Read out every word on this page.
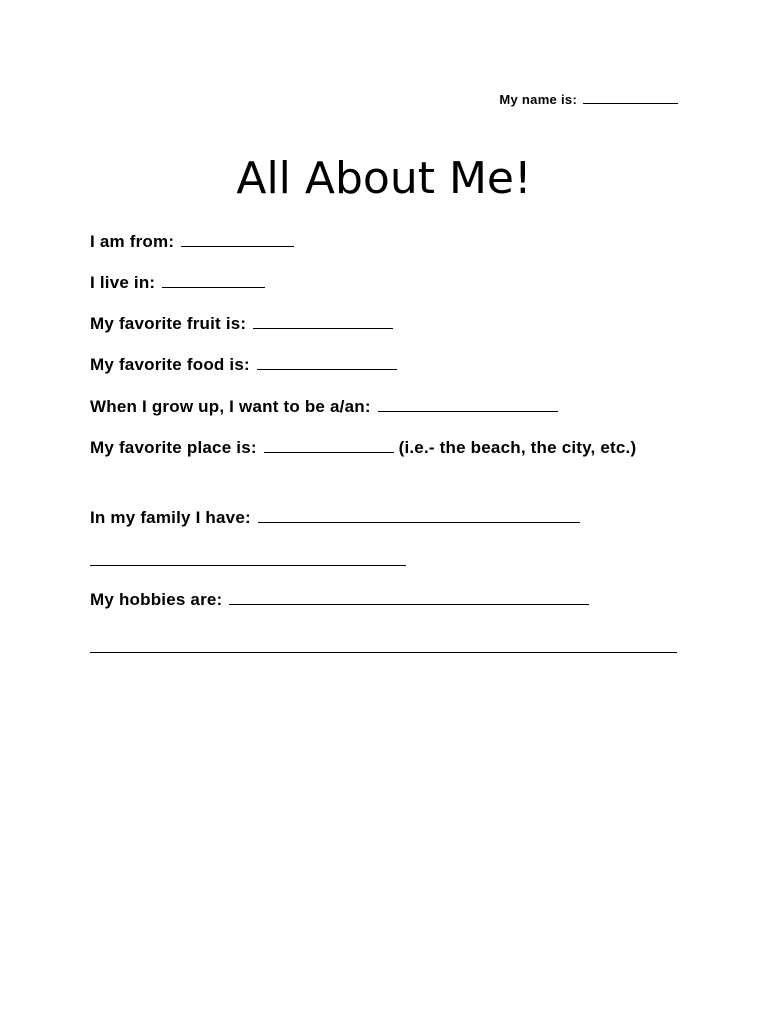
My name is:
All About Me!
I am from:
I live in:
My favorite fruit is:
My favorite food is:
When I grow up, I want to be a/an:
My favorite place is:	(i.e.- the beach, the city, etc.)
In my family I have:
My hobbies are:
